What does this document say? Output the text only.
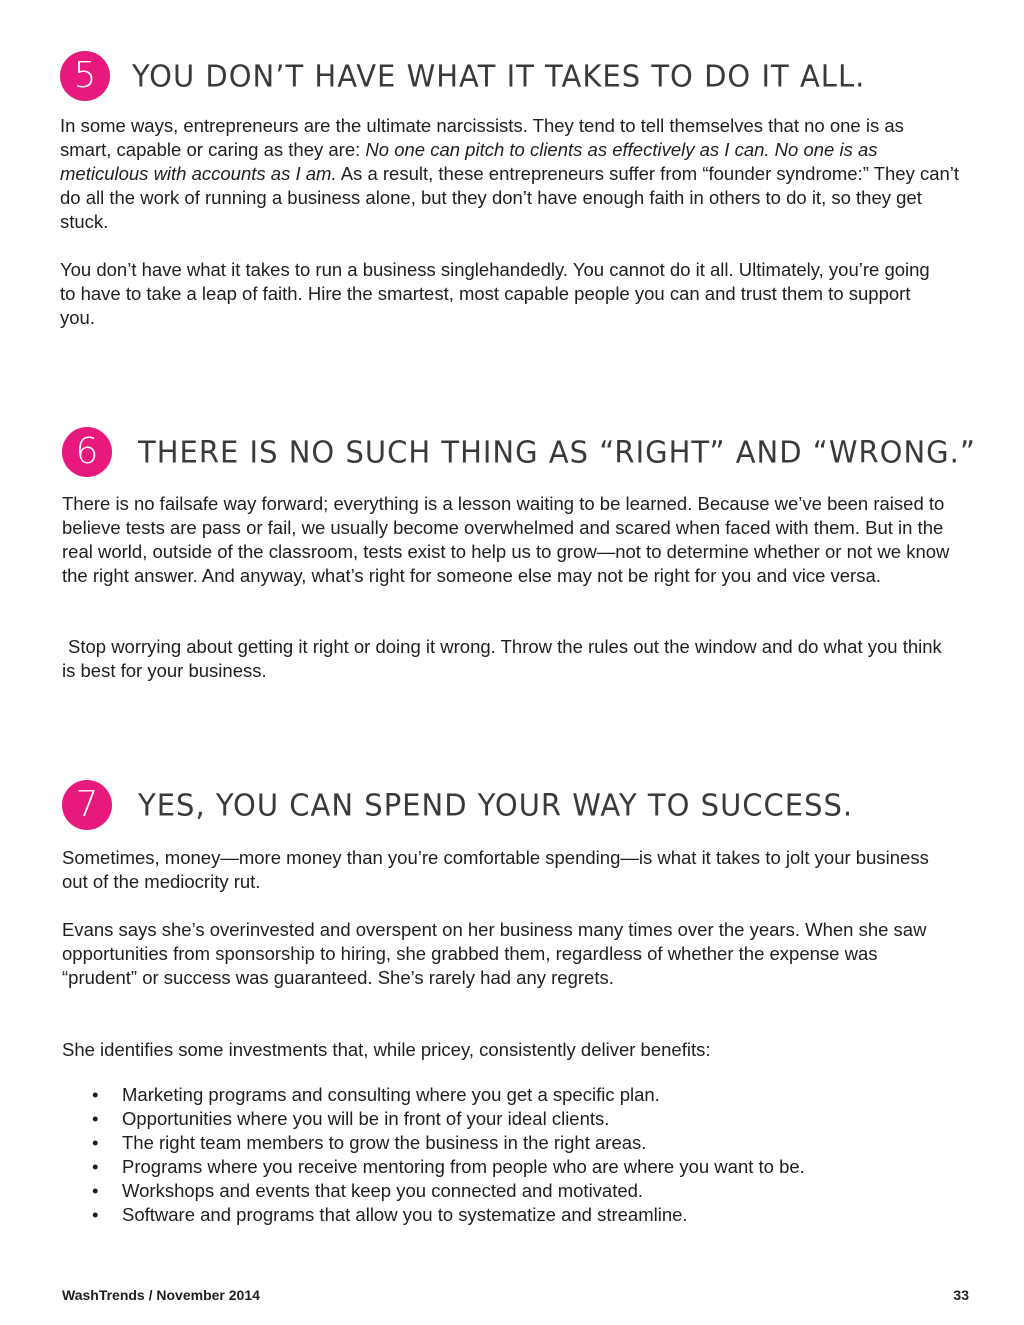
5	YOU DON’T HAVE WHAT IT TAKES TO DO IT ALL.

In some ways, entrepreneurs are the ultimate narcissists. They tend to tell themselves that no one is as smart, capable or caring as they are: No one can pitch to clients as effectively as I can. No one is as meticulous with accounts as I am. As a result, these entrepreneurs suffer from “founder syndrome:” They can’t do all the work of running a business alone, but they don’t have enough faith in others to do it, so they get stuck.

You don’t have what it takes to run a business singlehandedly. You cannot do it all. Ultimately, you’re going to have to take a leap of faith. Hire the smartest, most capable people you can and trust them to support you.

6	THERE IS NO SUCH THING AS “RIGHT” AND “WRONG.”

There is no failsafe way forward; everything is a lesson waiting to be learned. Because we’ve been raised to believe tests are pass or fail, we usually become overwhelmed and scared when faced with them. But in the real world, outside of the classroom, tests exist to help us to grow—not to determine whether or not we know the right answer. And anyway, what’s right for someone else may not be right for you and vice versa.

Stop worrying about getting it right or doing it wrong. Throw the rules out the window and do what you think is best for your business.

7	YES, YOU CAN SPEND YOUR WAY TO SUCCESS.

Sometimes, money—more money than you’re comfortable spending—is what it takes to jolt your business out of the mediocrity rut.

Evans says she’s overinvested and overspent on her business many times over the years. When she saw opportunities from sponsorship to hiring, she grabbed them, regardless of whether the expense was “prudent” or success was guaranteed. She’s rarely had any regrets.

She identifies some investments that, while pricey, consistently deliver benefits:

• Marketing programs and consulting where you get a specific plan.
• Opportunities where you will be in front of your ideal clients.
• The right team members to grow the business in the right areas.
• Programs where you receive mentoring from people who are where you want to be.
• Workshops and events that keep you connected and motivated.
• Software and programs that allow you to systematize and streamline.
WashTrends / November 2014	33
